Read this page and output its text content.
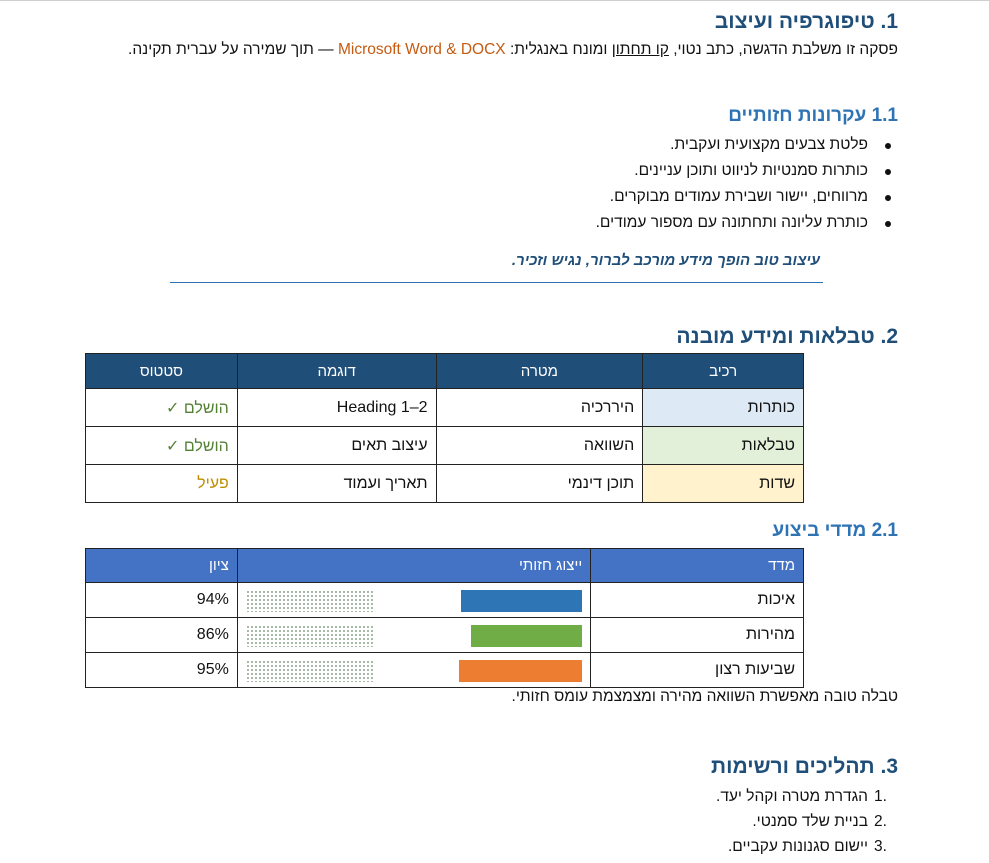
1. טיפוגרפיה ועיצוב
פסקה זו משלבת הדגשה, כתב נטוי, קו תחתון ומונח באנגלית: Microsoft Word & DOCX — תוך שמירה על עברית תקינה.
1.1 עקרונות חזותיים
פלטת צבעים מקצועית ועקבית.
כותרות סמנטיות לניווט ותוכן עניינים.
מרווחים, יישור ושבירת עמודים מבוקרים.
כותרת עליונה ותחתונה עם מספור עמודים.
עיצוב טוב הופך מידע מורכב לברור, נגיש וזכיר.
2. טבלאות ומידע מובנה
רכיב	מטרה	דוגמה	סטטוס
כותרות	היררכיה	Heading 1–2	הושלם ✓
טבלאות	השוואה	עיצוב תאים	הושלם ✓
שדות	תוכן דינמי	תאריך ועמוד	פעיל
2.1 מדדי ביצוע
מדד	ייצוג חזותי	ציון
איכות		94%
מהירות		86%
שביעות רצון		95%
טבלה טובה מאפשרת השוואה מהירה ומצמצמת עומס חזותי.
3. תהליכים ורשימות
1.הגדרת מטרה וקהל יעד.
2.בניית שלד סמנטי.
3.יישום סגנונות עקביים.
